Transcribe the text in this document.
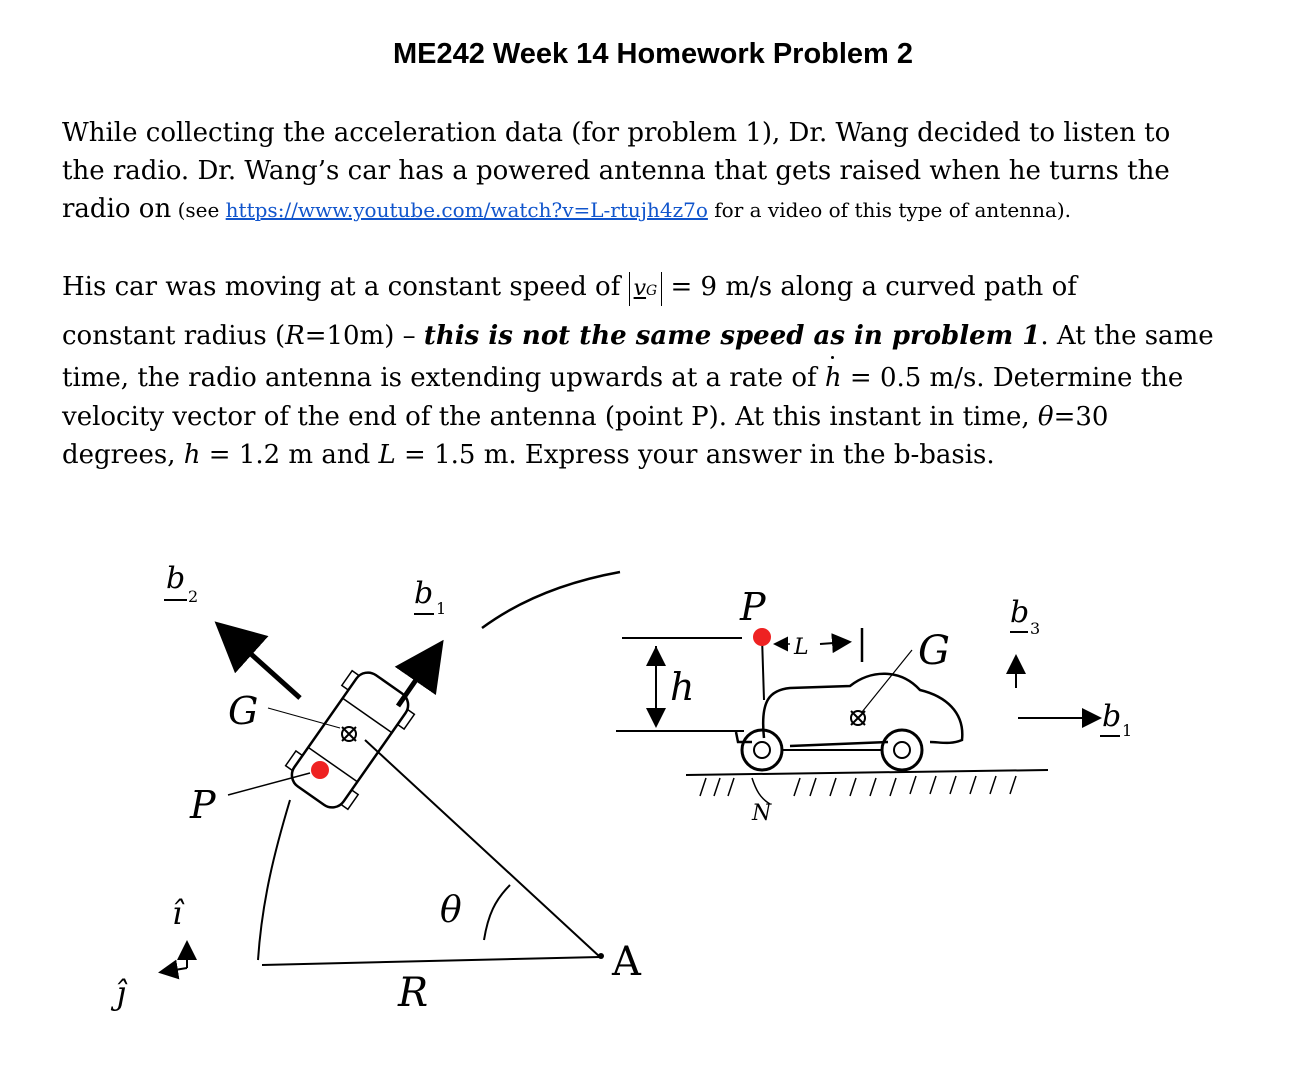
ME242 Week 14 Homework Problem 2
While collecting the acceleration data (for problem 1), Dr. Wang decided to listen to
the radio. Dr. Wang’s car has a powered antenna that gets raised when he turns the
radio on (see https://www.youtube.com/watch?v=L-rtujh4z7o for a video of this type of antenna).
His car was moving at a constant speed of vG = 9 m/s along a curved path of
constant radius (R=10m) – this is not the same speed as in problem 1. At the same
time, the radio antenna is extending upwards at a rate of h = 0.5 m/s. Determine the
velocity vector of the end of the antenna (point P). At this instant in time, θ=30
degrees, h = 1.2 m and L = 1.5 m. Express your answer in the b-basis.
b
2	b 1
G
P
î
ĵ
θ
A
R
P
L
h
G
b 3
b 1
N
